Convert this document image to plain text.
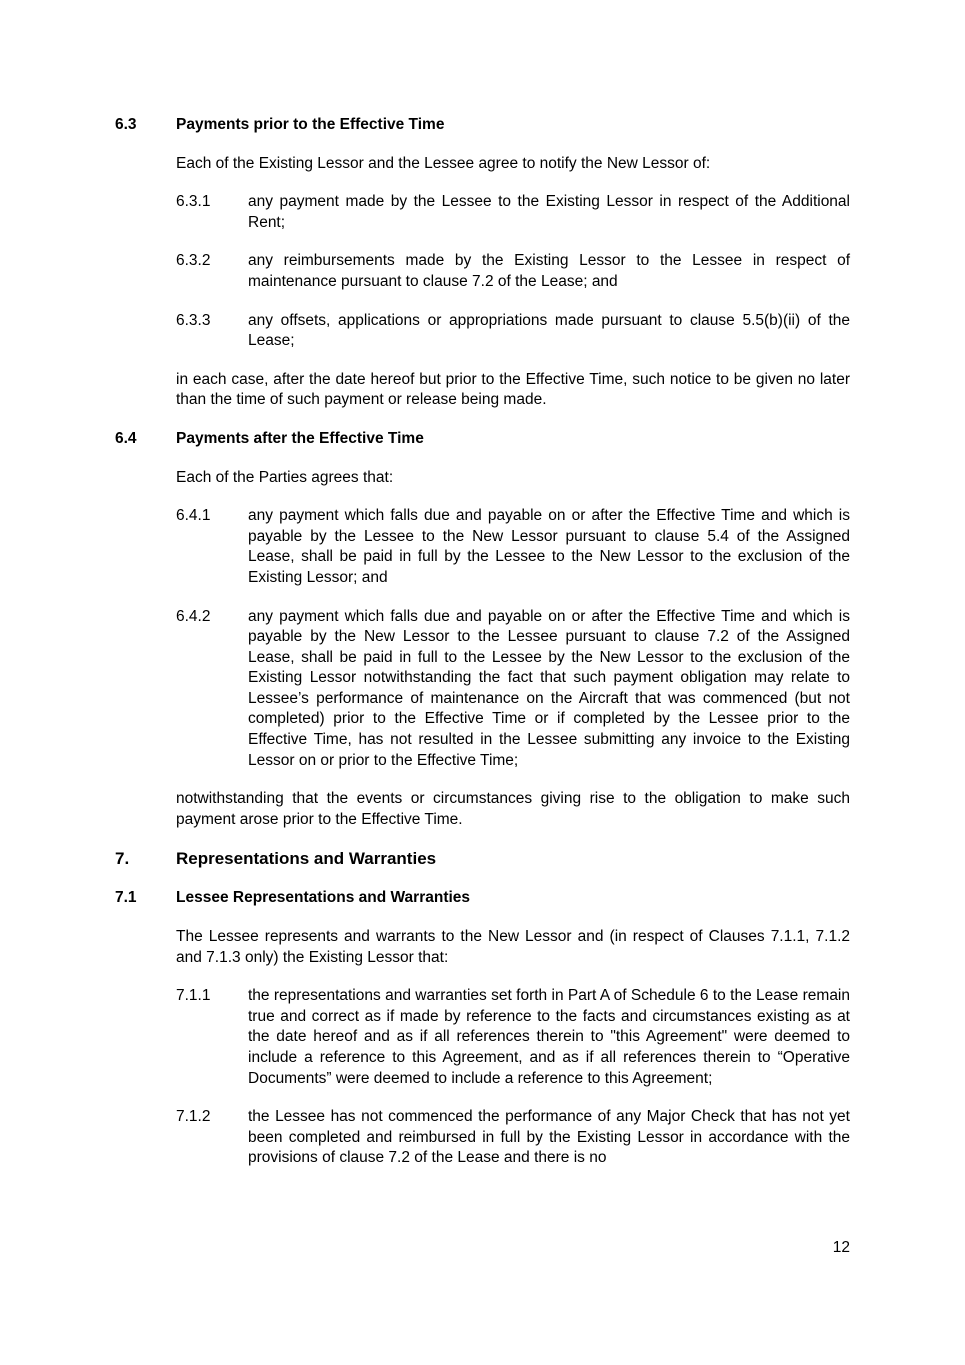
6.3	Payments prior to the Effective Time
Each of the Existing Lessor and the Lessee agree to notify the New Lessor of:
6.3.1	any payment made by the Lessee to the Existing Lessor in respect of the Additional Rent;
6.3.2	any reimbursements made by the Existing Lessor to the Lessee in respect of maintenance pursuant to clause 7.2 of the Lease; and
6.3.3	any offsets, applications or appropriations made pursuant to clause 5.5(b)(ii) of the Lease;
in each case, after the date hereof but prior to the Effective Time, such notice to be given no later than the time of such payment or release being made.
6.4	Payments after the Effective Time
Each of the Parties agrees that:
6.4.1	any payment which falls due and payable on or after the Effective Time and which is payable by the Lessee to the New Lessor pursuant to clause 5.4 of the Assigned Lease, shall be paid in full by the Lessee to the New Lessor to the exclusion of the Existing Lessor; and
6.4.2	any payment which falls due and payable on or after the Effective Time and which is payable by the New Lessor to the Lessee pursuant to clause 7.2 of the Assigned Lease, shall be paid in full to the Lessee by the New Lessor to the exclusion of the Existing Lessor notwithstanding the fact that such payment obligation may relate to Lessee’s performance of maintenance on the Aircraft that was commenced (but not completed) prior to the Effective Time or if completed by the Lessee prior to the Effective Time, has not resulted in the Lessee submitting any invoice to the Existing Lessor on or prior to the Effective Time;
notwithstanding that the events or circumstances giving rise to the obligation to make such payment arose prior to the Effective Time.
7.	Representations and Warranties
7.1	Lessee Representations and Warranties
The Lessee represents and warrants to the New Lessor and (in respect of Clauses 7.1.1, 7.1.2 and 7.1.3 only) the Existing Lessor that:
7.1.1	the representations and warranties set forth in Part A of Schedule 6 to the Lease remain true and correct as if made by reference to the facts and circumstances existing as at the date hereof and as if all references therein to "this Agreement" were deemed to include a reference to this Agreement, and as if all references therein to “Operative Documents” were deemed to include a reference to this Agreement;
7.1.2	the Lessee has not commenced the performance of any Major Check that has not yet been completed and reimbursed in full by the Existing Lessor in accordance with the provisions of clause 7.2 of the Lease and there is no
12
